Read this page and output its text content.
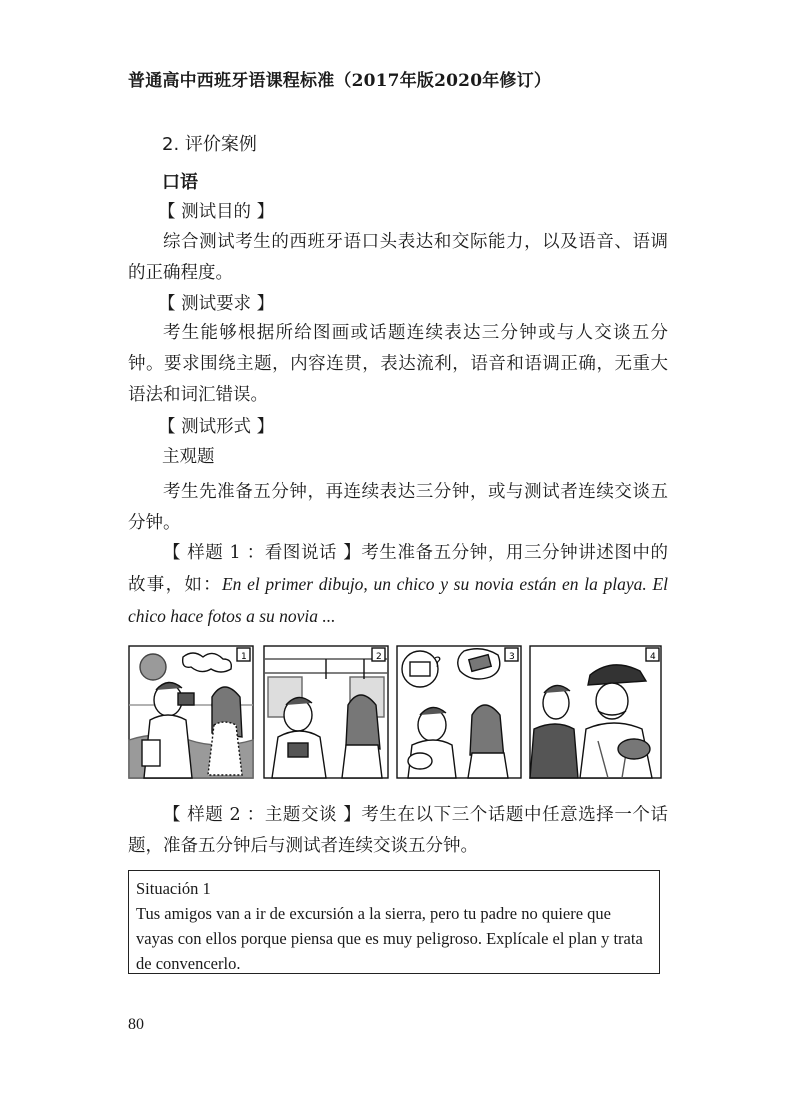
普通高中西班牙语课程标准（2017年版2020年修订）
2. 评价案例
口语
【 测试目的 】
综合测试考生的西班牙语口头表达和交际能力，以及语音、语调的正确程度。
【 测试要求 】
考生能够根据所给图画或话题连续表达三分钟或与人交谈五分钟。要求围绕主题，内容连贯，表达流利，语音和语调正确，无重大语法和词汇错误。
【 测试形式 】
主观题
考生先准备五分钟，再连续表达三分钟，或与测试者连续交谈五分钟。
【 样题 1 ：看图说话 】考生准备五分钟，用三分钟讲述图中的故事，如：En el primer dibujo, un chico y su novia están en la playa. El chico hace fotos a su novia ...
1	2	?	3	4
【 样题 2 ：主题交谈 】考生在以下三个话题中任意选择一个话题，准备五分钟后与测试者连续交谈五分钟。
Situación 1
Tus amigos van a ir de excursión a la sierra, pero tu padre no quiere que vayas con ellos porque piensa que es muy peligroso. Explícale el plan y trata de convencerlo.
80
